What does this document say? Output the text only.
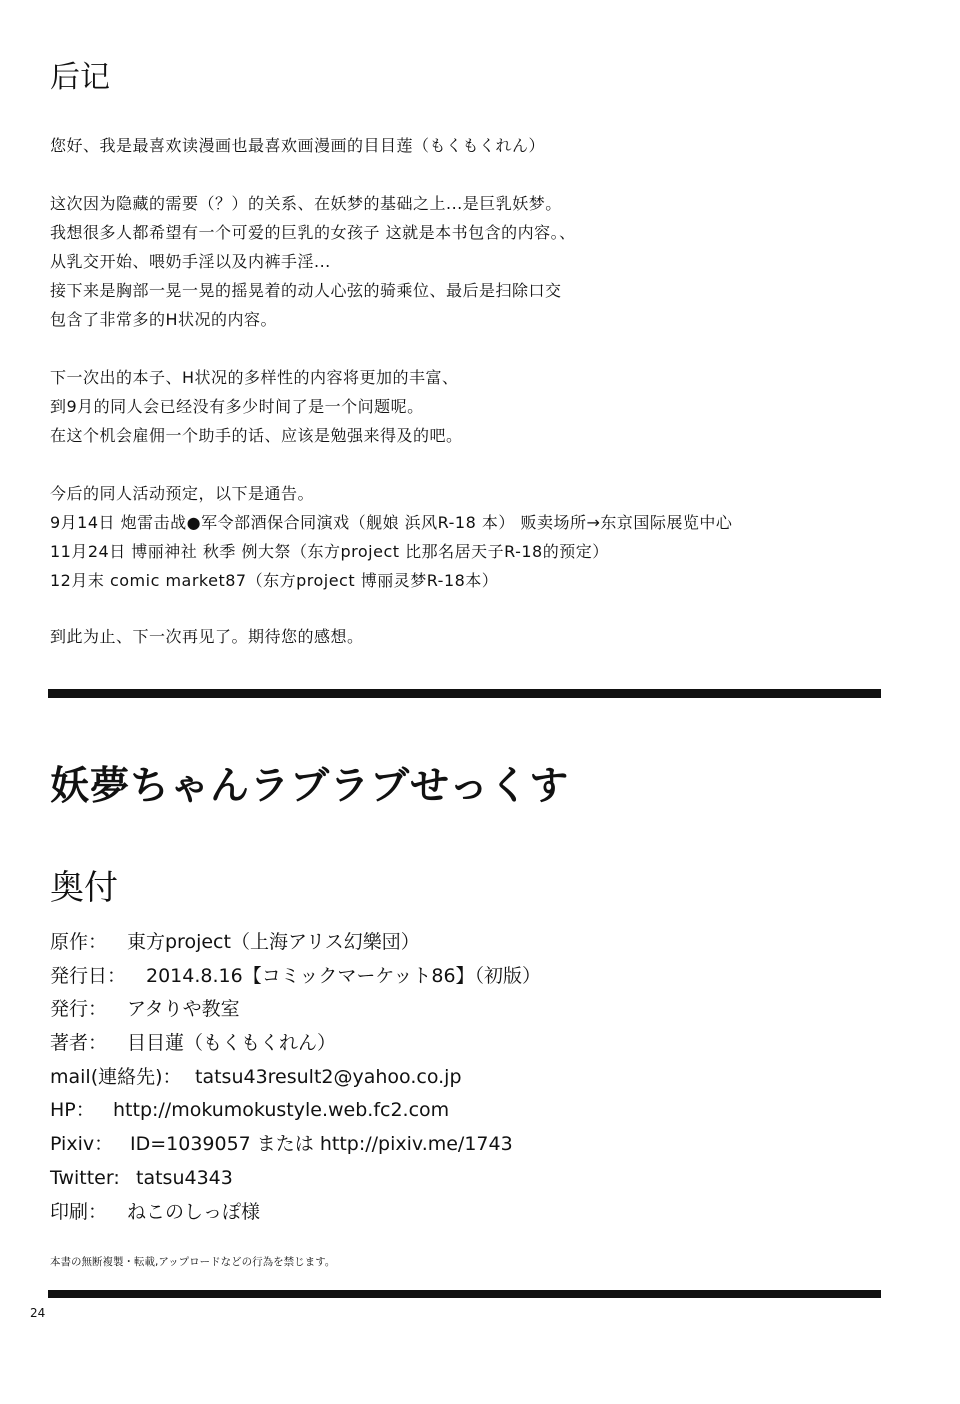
后记
您好、我是最喜欢读漫画也最喜欢画漫画的目目莲（もくもくれん）
这次因为隐藏的需要（？）的关系、在妖梦的基础之上...是巨乳妖梦。
我想很多人都希望有一个可爱的巨乳的女孩子 这就是本书包含的内容。、
从乳交开始、喂奶手淫以及内裤手淫...
接下来是胸部一晃一晃的摇晃着的动人心弦的骑乘位、最后是扫除口交
包含了非常多的H状况的内容。
下一次出的本子、H状况的多样性的内容将更加的丰富、
到9月的同人会已经没有多少时间了是一个问题呢。
在这个机会雇佣一个助手的话、应该是勉强来得及的吧。
今后的同人活动预定，以下是通告。
9月14日 炮雷击战●军令部酒保合同演戏（舰娘 浜风R-18 本） 贩卖场所→东京国际展览中心
11月24日 博丽神社 秋季 例大祭（东方project 比那名居天子R-18的预定）
12月末 comic market87（东方project 博丽灵梦R-18本）
到此为止、下一次再见了。期待您的感想。
妖夢ちゃんラブラブせっくす
奥付
原作：	東方project（上海アリス幻樂団）
発行日：	2014.8.16【コミックマーケット86】（初版）
発行：	アタりや教室
著者：	目目蓮（もくもくれん）
mail(連絡先)： tatsu43result2@yahoo.co.jp
HP： http://mokumokustyle.web.fc2.com
Pixiv： ID=1039057 または http://pixiv.me/1743
Twitter: tatsu4343
印刷：	ねこのしっぽ様
本書の無断複製・転載,アップロードなどの行為を禁じます。
24
